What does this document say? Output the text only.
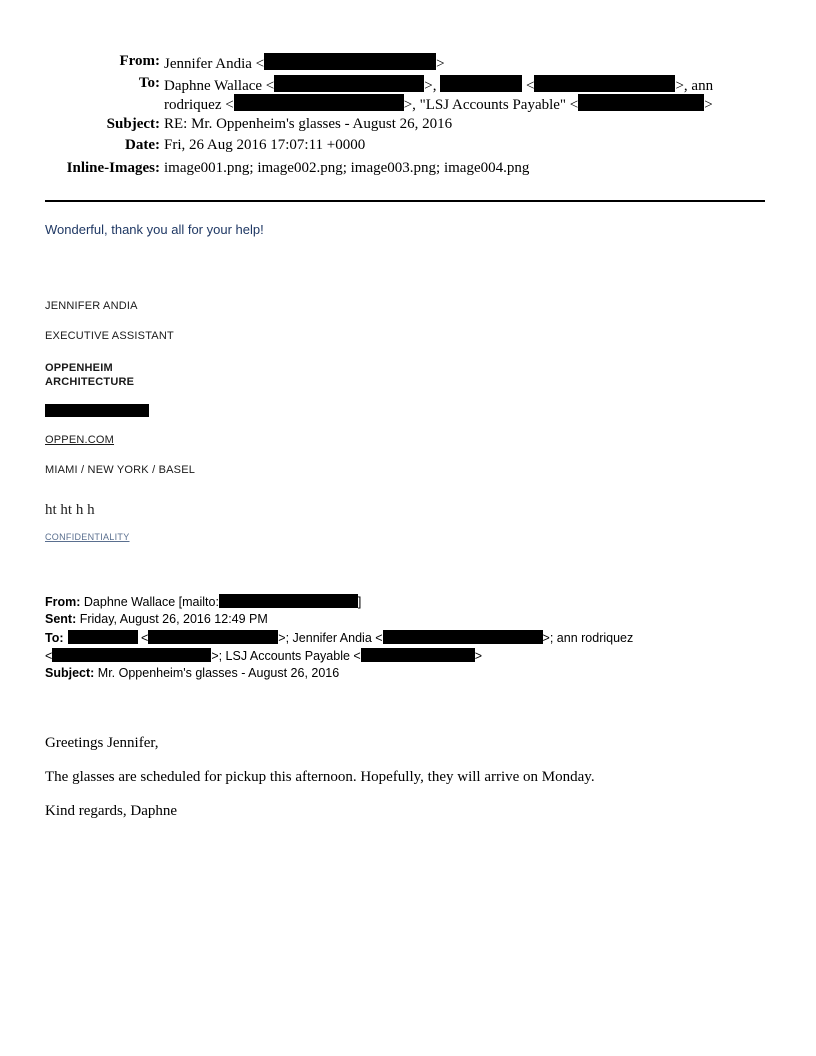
From: Jennifer Andia <	>
To: Daphne Wallace <	>,	<	>, ann
rodriquez <	>, "LSJ Accounts Payable" <	>
Subject: RE: Mr. Oppenheim's glasses - August 26, 2016
Date: Fri, 26 Aug 2016 17:07:11 +0000
Inline-Images: image001.png; image002.png; image003.png; image004.png
Wonderful, thank you all for your help!
JENNIFER ANDIA
EXECUTIVE ASSISTANT
OPPENHEIM
ARCHITECTURE
OPPEN.COM
MIAMI / NEW YORK / BASEL
ht ht h h
CONFIDENTIALITY
From: Daphne Wallace [mailto:	]
Sent: Friday, August 26, 2016 12:49 PM
To:	<	>; Jennifer Andia <	>; ann rodriquez
<	>; LSJ Accounts Payable <	>
Subject: Mr. Oppenheim's glasses - August 26, 2016
Greetings Jennifer,
The glasses are scheduled for pickup this afternoon. Hopefully, they will arrive on Monday.
Kind regards, Daphne
